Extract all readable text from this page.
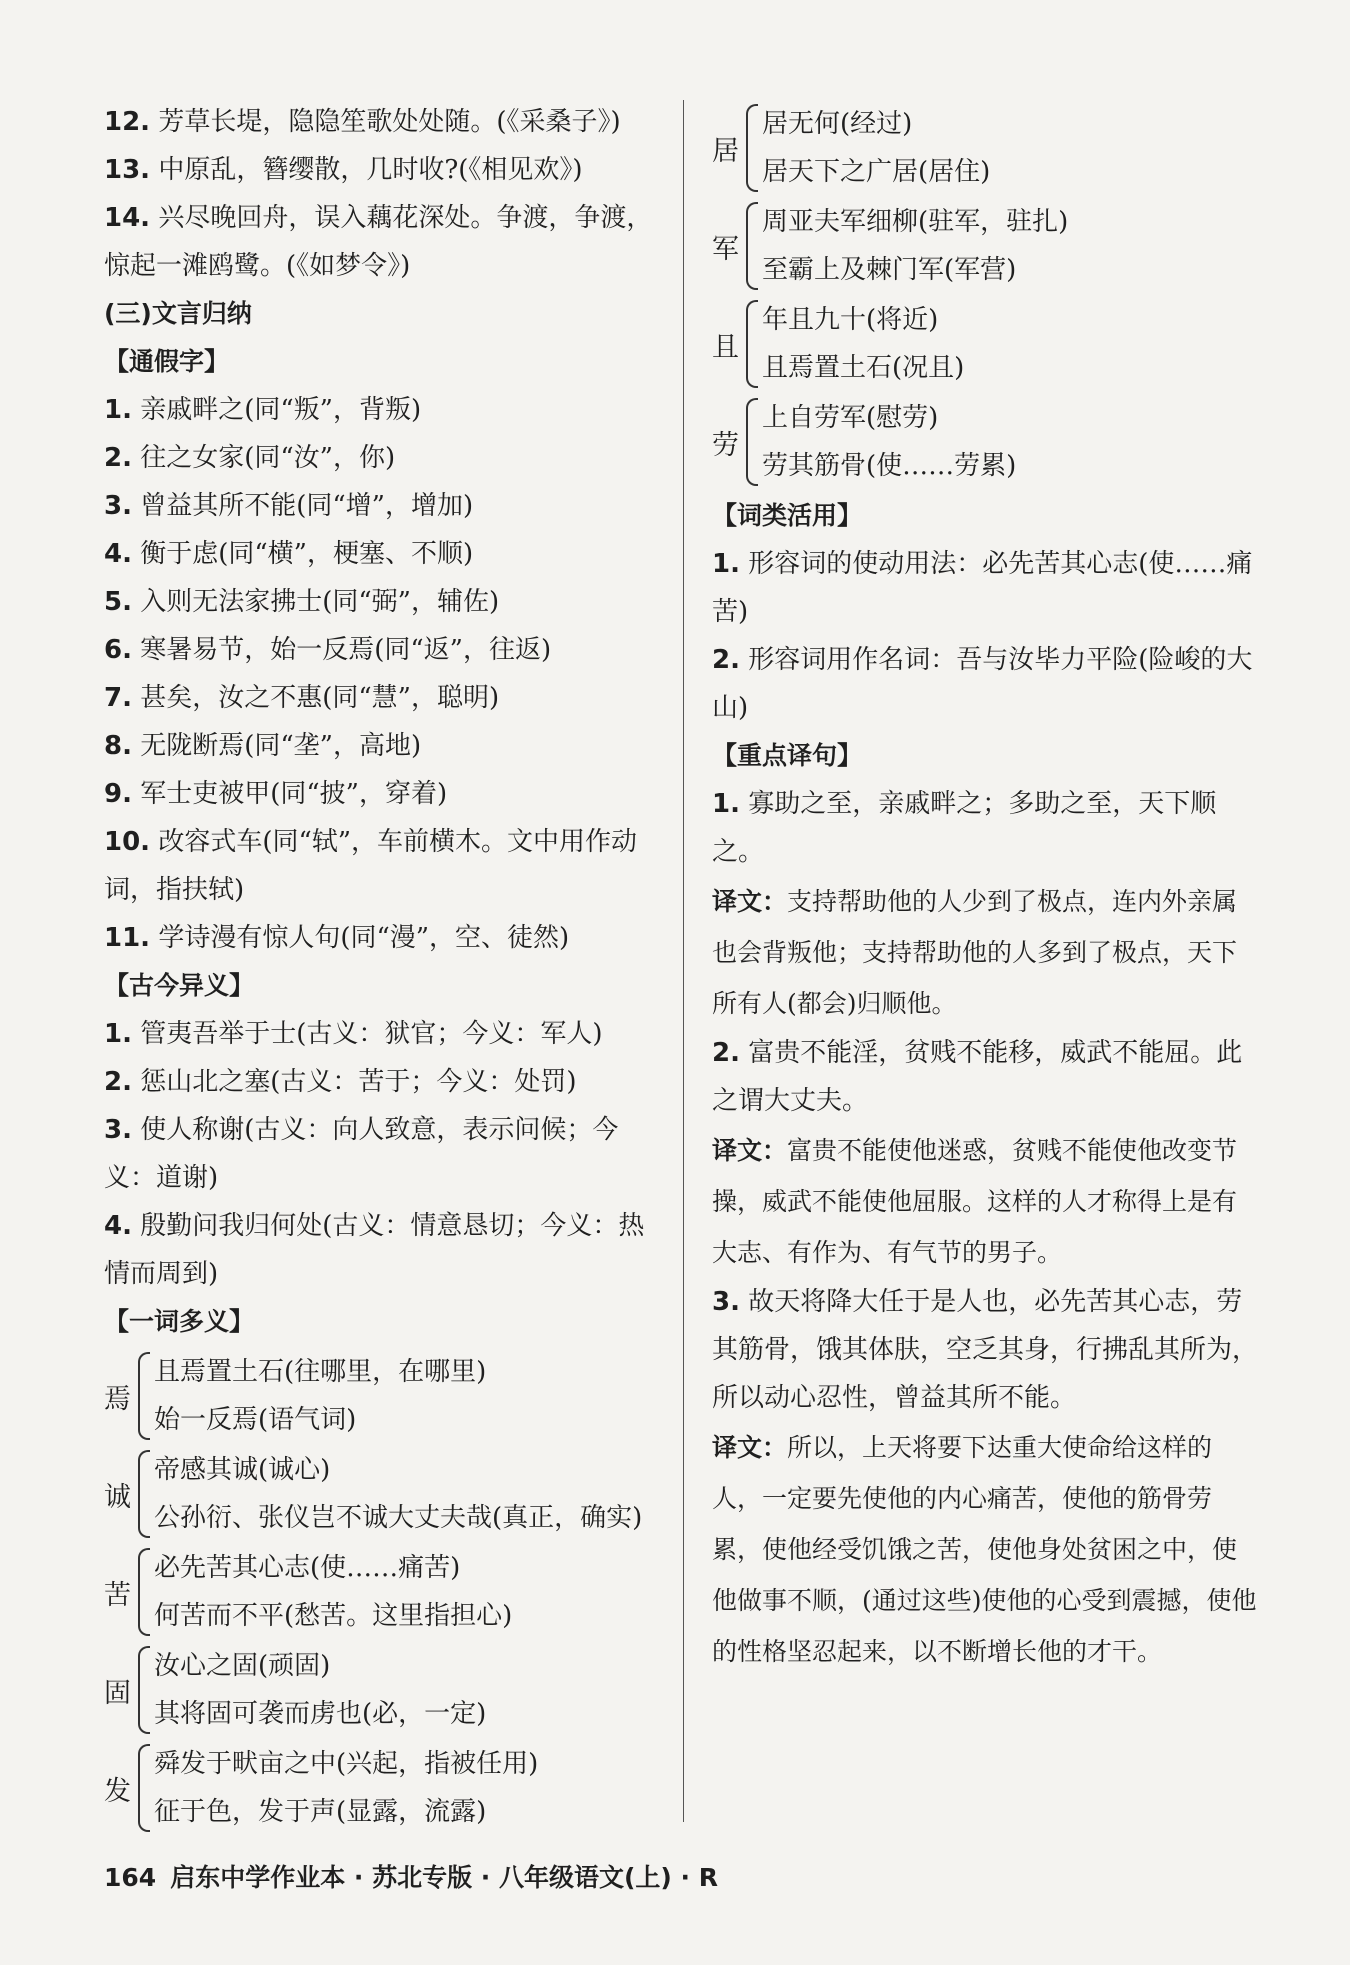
12. 芳草长堤，隐隐笙歌处处随。(《采桑子》)
13. 中原乱，簪缨散，几时收?(《相见欢》)
14. 兴尽晚回舟，误入藕花深处。争渡，争渡，惊起一滩鸥鹭。(《如梦令》)
(三)文言归纳
【通假字】
1. 亲戚畔之(同“叛”，背叛)
2. 往之女家(同“汝”，你)
3. 曾益其所不能(同“增”，增加)
4. 衡于虑(同“横”，梗塞、不顺)
5. 入则无法家拂士(同“弼”，辅佐)
6. 寒暑易节，始一反焉(同“返”，往返)
7. 甚矣，汝之不惠(同“慧”，聪明)
8. 无陇断焉(同“垄”，高地)
9. 军士吏被甲(同“披”，穿着)
10. 改容式车(同“轼”，车前横木。文中用作动词，指扶轼)
11. 学诗漫有惊人句(同“漫”，空、徒然)
【古今异义】
1. 管夷吾举于士(古义：狱官；今义：军人)
2. 惩山北之塞(古义：苦于；今义：处罚)
3. 使人称谢(古义：向人致意，表示问候；今义：道谢)
4. 殷勤问我归何处(古义：情意恳切；今义：热情而周到)
【一词多义】
焉
且焉置土石(往哪里，在哪里)
始一反焉(语气词)
诚
帝感其诚(诚心)
公孙衍、张仪岂不诚大丈夫哉(真正，确实)
苦
必先苦其心志(使……痛苦)
何苦而不平(愁苦。这里指担心)
固
汝心之固(顽固)
其将固可袭而虏也(必，一定)
发
舜发于畎亩之中(兴起，指被任用)
征于色，发于声(显露，流露)
居
居无何(经过)
居天下之广居(居住)
军
周亚夫军细柳(驻军，驻扎)
至霸上及棘门军(军营)
且
年且九十(将近)
且焉置土石(况且)
劳
上自劳军(慰劳)
劳其筋骨(使……劳累)
【词类活用】
1. 形容词的使动用法：必先苦其心志(使……痛苦)
2. 形容词用作名词：吾与汝毕力平险(险峻的大山)
【重点译句】
1. 寡助之至，亲戚畔之；多助之至，天下顺之。
译文：支持帮助他的人少到了极点，连内外亲属也会背叛他；支持帮助他的人多到了极点，天下所有人(都会)归顺他。
2. 富贵不能淫，贫贱不能移，威武不能屈。此之谓大丈夫。
译文：富贵不能使他迷惑，贫贱不能使他改变节操，威武不能使他屈服。这样的人才称得上是有大志、有作为、有气节的男子。
3. 故天将降大任于是人也，必先苦其心志，劳其筋骨，饿其体肤，空乏其身，行拂乱其所为，所以动心忍性，曾益其所不能。
译文：所以，上天将要下达重大使命给这样的人，一定要先使他的内心痛苦，使他的筋骨劳累，使他经受饥饿之苦，使他身处贫困之中，使他做事不顺，(通过这些)使他的心受到震撼，使他的性格坚忍起来，以不断增长他的才干。
164 启东中学作业本 · 苏北专版 · 八年级语文(上) · R
